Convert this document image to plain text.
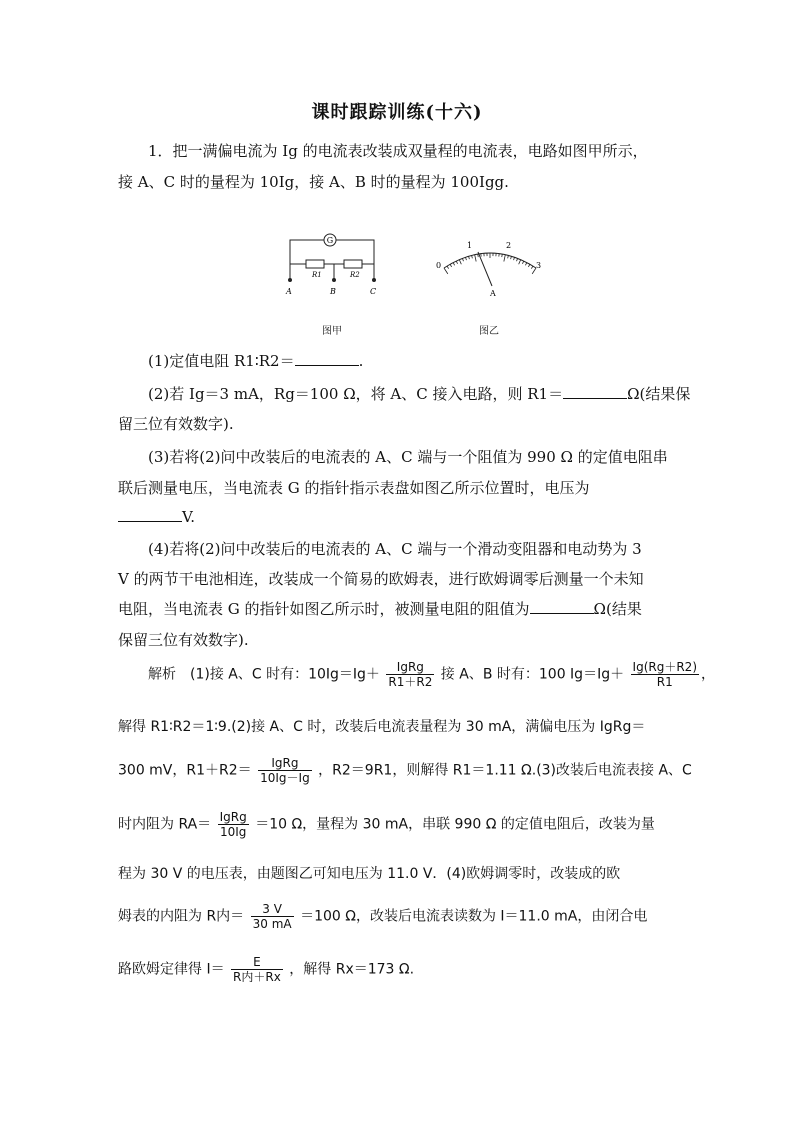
课时跟踪训练(十六)
1．把一满偏电流为 Ig 的电流表改装成双量程的电流表，电路如图甲所示，
接 A、C 时的量程为 10Ig，接 A、B 时的量程为 100Igg.
G
R1	R2
A	B	C
0
1	2
3
A
图甲	图乙
(1)定值电阻 R1∶R2＝	.
(2)若 Ig＝3 mA，Rg＝100 Ω，将 A、C 接入电路，则 R1＝	Ω(结果保
留三位有效数字).
(3)若将(2)问中改装后的电流表的 A、C 端与一个阻值为 990 Ω 的定值电阻串
联后测量电压，当电流表 G 的指针指示表盘如图乙所示位置时，电压为
V.
(4)若将(2)问中改装后的电流表的 A、C 端与一个滑动变阻器和电动势为 3
V 的两节干电池相连，改装成一个简易的欧姆表，进行欧姆调零后测量一个未知
电阻，当电流表 G 的指针如图乙所示时，被测量电阻的阻值为	Ω(结果
保留三位有效数字).
解析　(1)接 A、C 时有：$10Ig=Ig+ \frac{\text{IgRg}}{R1+R2}$ 接 A、B 时有：100 $Ig=Ig+ \frac{Ig(Rg+R2)}{R1}$ ，
解得 R1∶R2＝1∶9.(2)接 A、C 时，改装后电流表量程为 30 mA，满偏电压为 IgRg＝
300 mV，$R1+R2= \frac{\text{IgRg}}{10Ig-Ig}$ ，R2＝9R1，则解得 R1＝1.11 Ω.(3)改装后电流表接 A、C
时内阻为 $RA= \frac{\text{IgRg}}{10Ig} =10$ Ω，量程为 30 mA，串联 990 Ω 的定值电阻后，改装为量
程为 30 V 的电压表，由题图乙可知电压为 11.0 V．(4)欧姆调零时，改装成的欧
姆表的内阻为 R内＝ $\frac{3 V}{30 mA} =100$ Ω，改装后电流表读数为 I＝11.0 mA，由闭合电
路欧姆定律得 $I= \frac{E}{\text{R内＋Rx}}$ ，解得 Rx＝173 Ω.
